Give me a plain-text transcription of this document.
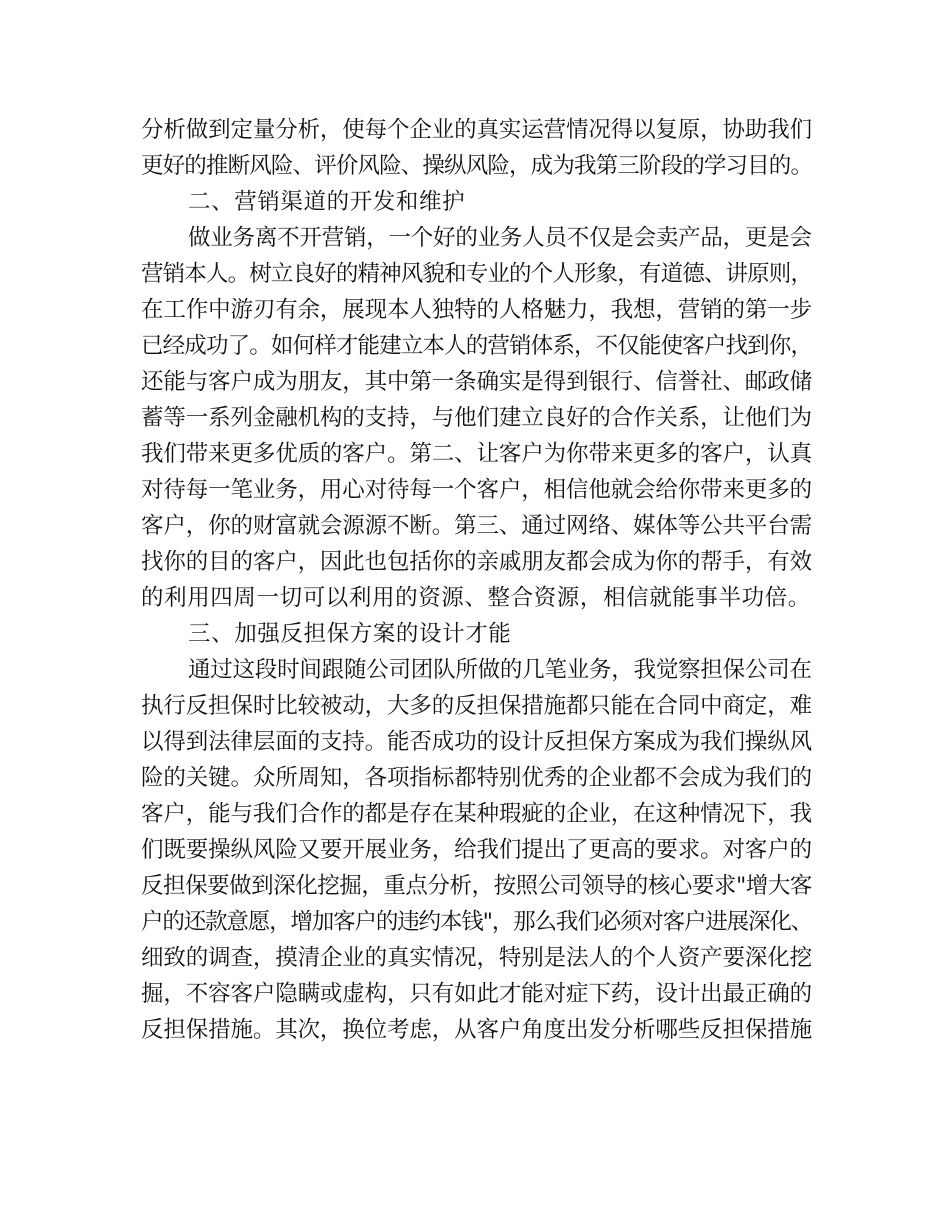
分析做到定量分析，使每个企业的真实运营情况得以复原，协助我们

更好的推断风险、评价风险、操纵风险，成为我第三阶段的学习目的。

二、营销渠道的开发和维护

做业务离不开营销，一个好的业务人员不仅是会卖产品，更是会

营销本人。树立良好的精神风貌和专业的个人形象，有道德、讲原则，

在工作中游刃有余，展现本人独特的人格魅力，我想，营销的第一步

已经成功了。如何样才能建立本人的营销体系，不仅能使客户找到你，

还能与客户成为朋友，其中第一条确实是得到银行、信誉社、邮政储

蓄等一系列金融机构的支持，与他们建立良好的合作关系，让他们为

我们带来更多优质的客户。第二、让客户为你带来更多的客户，认真

对待每一笔业务，用心对待每一个客户，相信他就会给你带来更多的

客户，你的财富就会源源不断。第三、通过网络、媒体等公共平台需

找你的目的客户，因此也包括你的亲戚朋友都会成为你的帮手，有效

的利用四周一切可以利用的资源、整合资源，相信就能事半功倍。

三、加强反担保方案的设计才能

通过这段时间跟随公司团队所做的几笔业务，我觉察担保公司在

执行反担保时比较被动，大多的反担保措施都只能在合同中商定，难

以得到法律层面的支持。能否成功的设计反担保方案成为我们操纵风

险的关键。众所周知，各项指标都特别优秀的企业都不会成为我们的

客户，能与我们合作的都是存在某种瑕疵的企业，在这种情况下，我

们既要操纵风险又要开展业务，给我们提出了更高的要求。对客户的

反担保要做到深化挖掘，重点分析，按照公司领导的核心要求"增大客

户的还款意愿，增加客户的违约本钱"，那么我们必须对客户进展深化、

细致的调查，摸清企业的真实情况，特别是法人的个人资产要深化挖

掘，不容客户隐瞒或虚构，只有如此才能对症下药，设计出最正确的

反担保措施。其次，换位考虑，从客户角度出发分析哪些反担保措施
